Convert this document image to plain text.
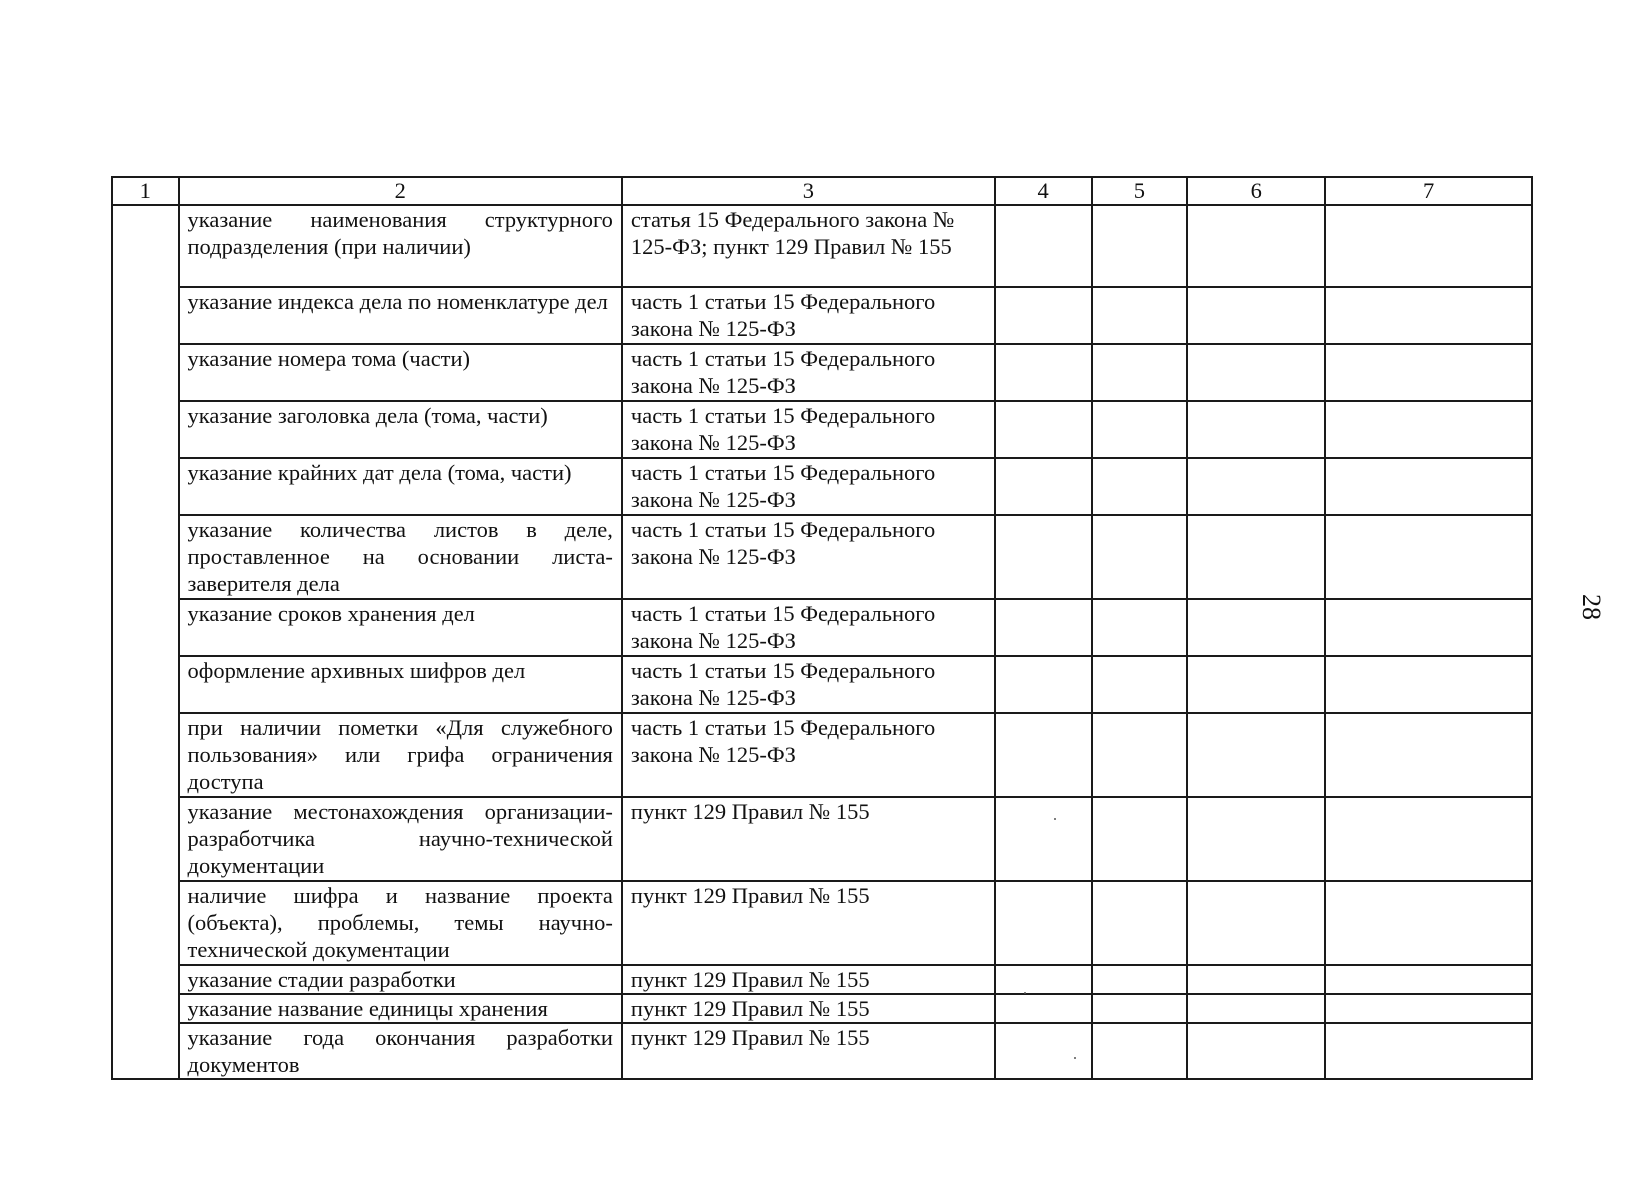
1	2	3	4	5	6	7
	указание наименования структурного подразделения (при наличии)	статья 15 Федерального закона № 125-ФЗ; пункт 129 Правил № 155				
	указание индекса дела по номенклатуре дел	часть 1 статьи 15 Федерального закона № 125-ФЗ				
	указание номера тома (части)	часть 1 статьи 15 Федерального закона № 125-ФЗ				
	указание заголовка дела (тома, части)	часть 1 статьи 15 Федерального закона № 125-ФЗ				
	указание крайних дат дела (тома, части)	часть 1 статьи 15 Федерального закона № 125-ФЗ				
	указание количества листов в деле, проставленное на основании листа-заверителя дела	часть 1 статьи 15 Федерального закона № 125-ФЗ				
	указание сроков хранения дел	часть 1 статьи 15 Федерального закона № 125-ФЗ				
	оформление архивных шифров дел	часть 1 статьи 15 Федерального закона № 125-ФЗ				
	при наличии пометки «Для служебного пользования» или грифа ограничения доступа	часть 1 статьи 15 Федерального закона № 125-ФЗ				
	указание местонахождения организации-разработчика научно-технической документации	пункт 129 Правил № 155				
	наличие шифра и название проекта (объекта), проблемы, темы научно-технической документации	пункт 129 Правил № 155				
	указание стадии разработки	пункт 129 Правил № 155				
	указание название единицы хранения	пункт 129 Правил № 155				
	указание года окончания разработки документов	пункт 129 Правил № 155				
28
